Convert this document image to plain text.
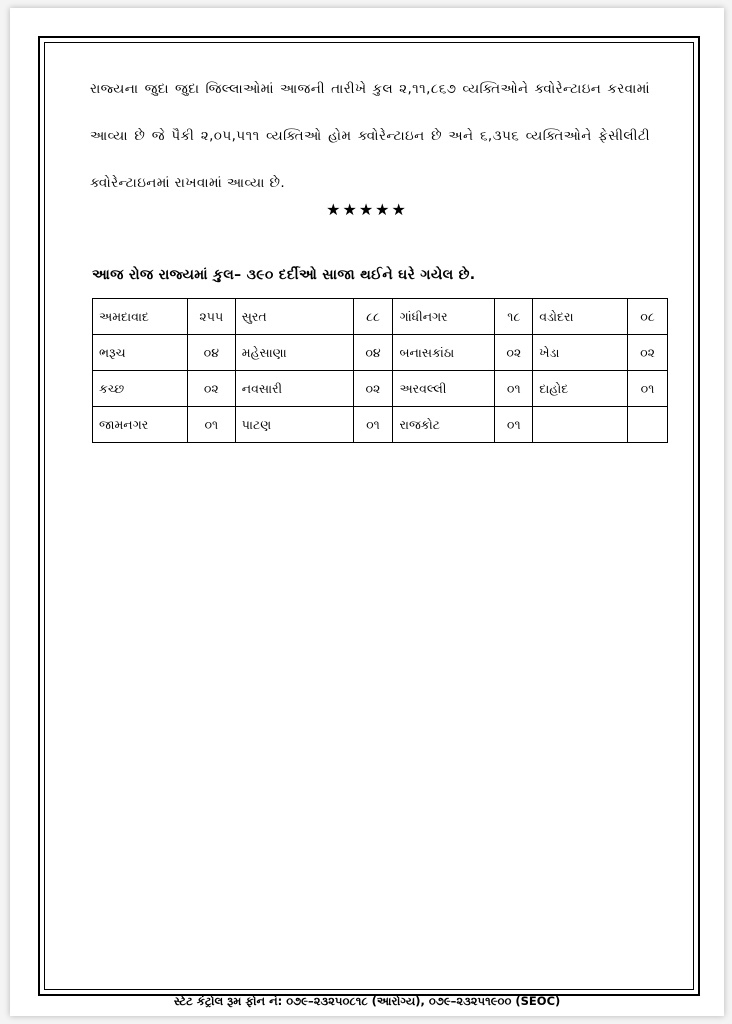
રાજ્યના જુદા જુદા જિલ્લાઓમાં આજની તારીખે કુલ ૨,૧૧,૮૬૭ વ્યક્તિઓને ક્વોરેન્ટાઇન કરવામાં આવ્યા છે જે પૈકી ૨,૦૫,૫૧૧ વ્યક્તિઓ હોમ ક્વોરેન્ટાઇન છે અને ૬,૩૫૬ વ્યક્તિઓને ફેસીલીટી ક્વોરેન્ટાઇનમાં રાખવામાં આવ્યા છે.
★★★★★
આજ રોજ રાજ્યમાં કુલ– ૩૯૦ દર્દીઓ સાજા થઈને ઘરે ગયેલ છે.
અમદાવાદ	૨૫૫	સુરત	૮૮	ગાંધીનગર	૧૮	વડોદરા	૦૮
ભરૂચ	૦૪	મહેસાણા	૦૪	બનાસકાંઠા	૦૨	ખેડા	૦૨
કચ્છ	૦૨	નવસારી	૦૨	અરવલ્લી	૦૧	દાહોદ	૦૧
જામનગર	૦૧	પાટણ	૦૧	રાજકોટ	૦૧		
સ્ટેટ કંટ્રોલ રૂમ ફોન નં: ૦૭૯–૨૩૨૫૦૮૧૮ (આરોગ્ય), ૦૭૯–૨૩૨૫૧૯૦૦ (SEOC)
